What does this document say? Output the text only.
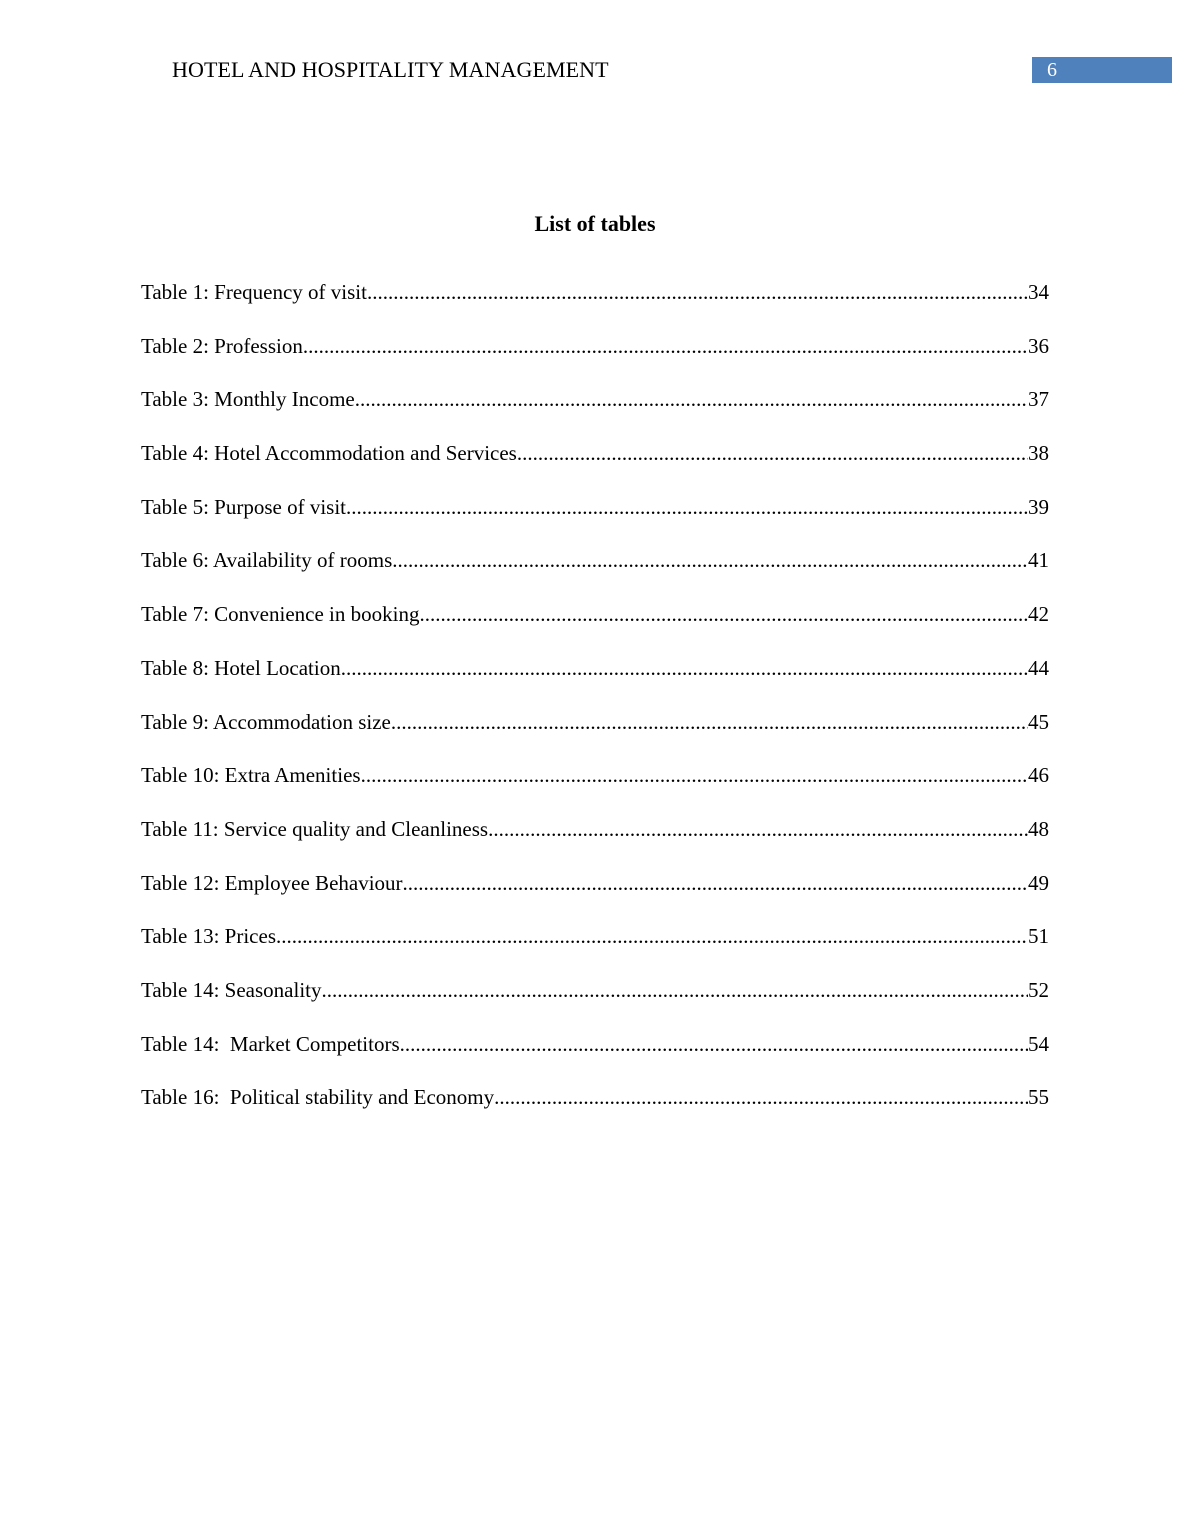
HOTEL AND HOSPITALITY MANAGEMENT	6
List of tables
Table 1: Frequency of visit .....	34
Table 2: Profession .....	36
Table 3: Monthly Income .....	37
Table 4: Hotel Accommodation and Services .....	38
Table 5: Purpose of visit .....	39
Table 6: Availability of rooms .....	41
Table 7: Convenience in booking .....	42
Table 8: Hotel Location .....	44
Table 9: Accommodation size .....	45
Table 10: Extra Amenities .....	46
Table 11: Service quality and Cleanliness .....	48
Table 12: Employee Behaviour .....	49
Table 13: Prices .....	51
Table 14: Seasonality .....	52
Table 14:  Market Competitors .....	54
Table 16:  Political stability and Economy .....	55
